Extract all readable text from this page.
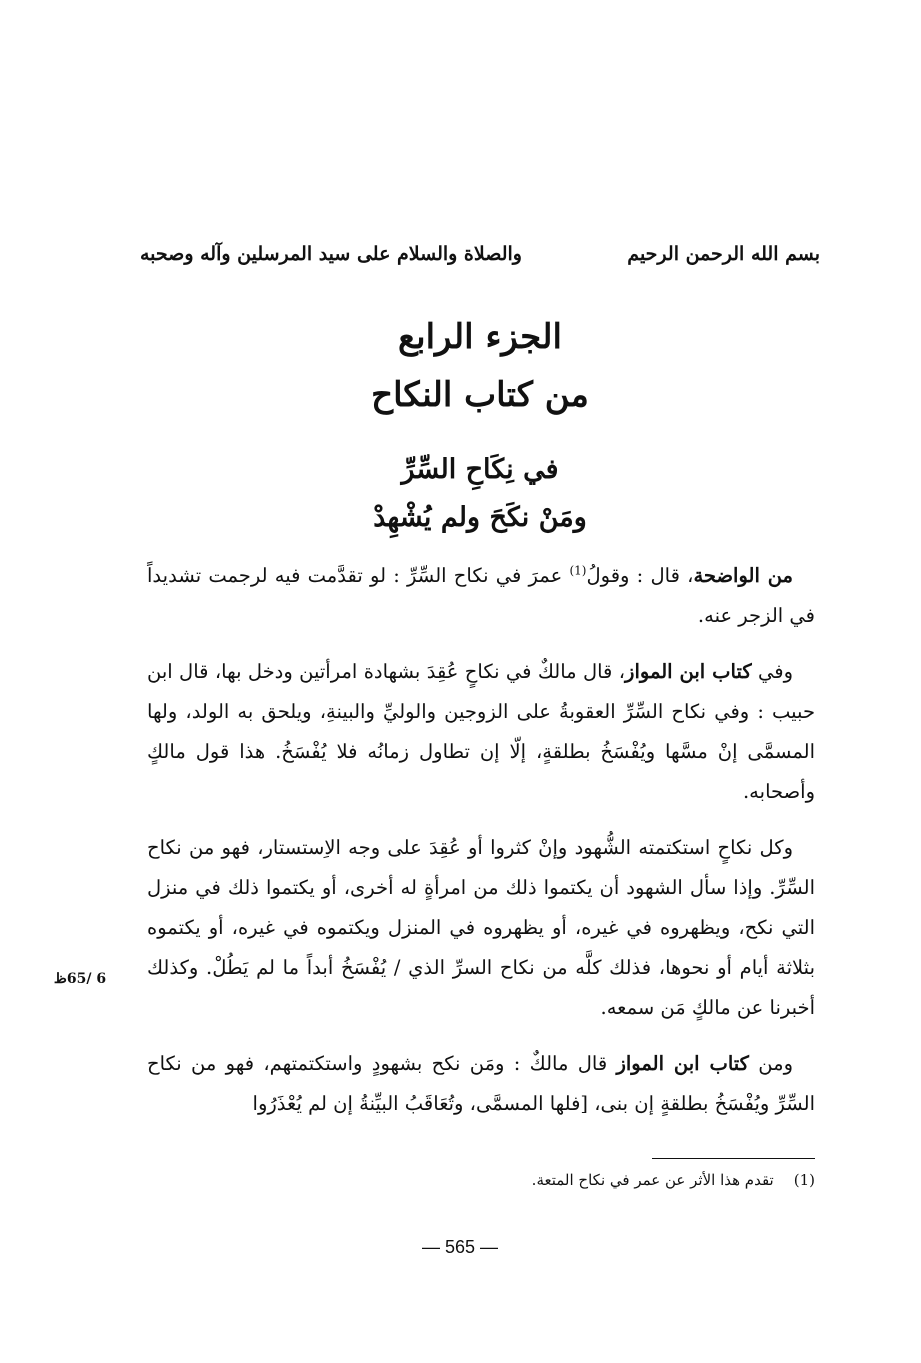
بسم الله الرحمن الرحيم
والصلاة والسلام على سيد المرسلين وآله وصحبه
الجزء الرابع
من كتاب النكاح
في نِكَاحِ السِّرِّ
ومَنْ نكَحَ ولم يُشْهِدْ

من الواضحة، قال : وقولُ$^{(1)}$ عمرَ في نكاح السِّرِّ : لو تقدَّمت فيه لرجمت تشديداً في الزجر عنه.

وفي كتاب ابن المواز، قال مالكٌ في نكاحٍ عُقِدَ بشهادة امرأتين ودخل بها، قال ابن حبيب : وفي نكاح السِّرِّ العقوبةُ على الزوجين والوليِّ والبينةِ، ويلحق به الولد، ولها المسمَّى إنْ مسَّها ويُفْسَخُ بطلقةٍ، إلّا إن تطاول زمانُه فلا يُفْسَخُ. هذا قول مالكٍ وأصحابه.

وكل نكاحٍ استكتمته الشُّهود وإنْ كثروا أو عُقِدَ على وجه الاِستستار، فهو من نكاح السِّرِّ. وإذا سأل الشهود أن يكتموا ذلك من امرأةٍ له أخرى، أو يكتموا ذلك في منزل التي نكح، ويظهروه في غيره، أو يظهروه في المنزل ويكتموه في غيره، أو يكتموه بثلاثة أيام أو نحوها، فذلك كلَّه من نكاح السرِّ الذي / يُفْسَخُ أبداً ما لم يَطُلْ. وكذلك أخبرنا عن مالكٍ مَن سمعه.

ومن كتاب ابن المواز قال مالكٌ : ومَن نكح بشهودٍ واستكتمتهم، فهو من نكاح السِّرِّ ويُفْسَخُ بطلقةٍ إن بنى، [فلها المسمَّى، وتُعَاقَبُ البيِّنةُ إن لم يُعْذَرُوا

6 /65ظ
(1)تقدم هذا الأثر عن عمر في نكاح المتعة.
— 565 —
